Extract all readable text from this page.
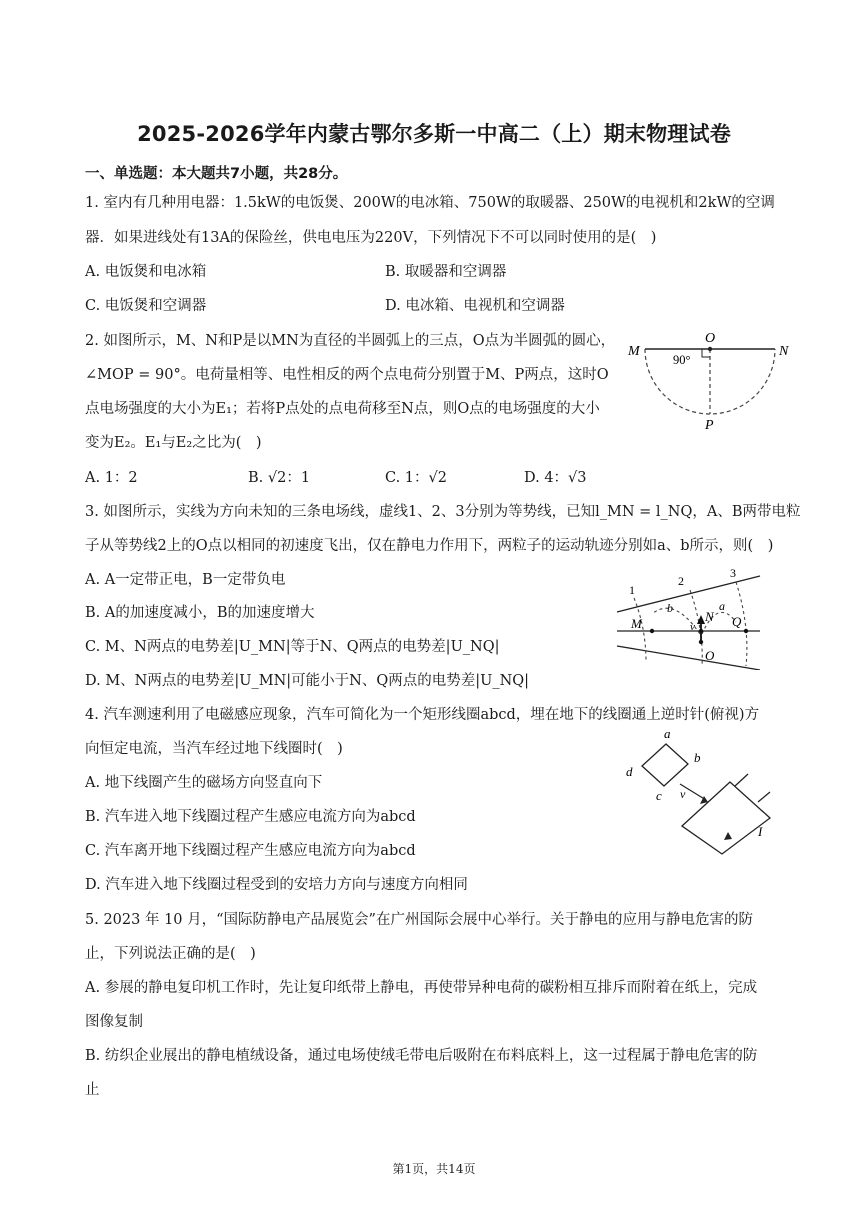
2025-2026学年内蒙古鄂尔多斯一中高二（上）期末物理试卷
一、单选题：本大题共7小题，共28分。
1. 室内有几种用电器：1.5kW的电饭煲、200W的电冰箱、750W的取暖器、250W的电视机和2kW的空调
器．如果进线处有13A的保险丝，供电电压为220V，下列情况下不可以同时使用的是(　)
A. 电饭煲和电冰箱	B. 取暖器和空调器
C. 电饭煲和空调器	D. 电冰箱、电视机和空调器
2. 如图所示，M、N和P是以MN为直径的半圆弧上的三点，O点为半圆弧的圆心，
∠MOP = 90°。电荷量相等、电性相反的两个点电荷分别置于M、P两点，这时O
点电场强度的大小为E₁；若将P点处的点电荷移至N点，则O点的电场强度的大小
变为E₂。E₁与E₂之比为(　)
A. 1：2	B. √2：1	C. 1：√2	D. 4：√3
M
O
N
P
90°
3. 如图所示，实线为方向未知的三条电场线，虚线1、2、3分别为等势线，已知l_MN = l_NQ，A、B两带电粒
子从等势线2上的O点以相同的初速度飞出，仅在静电力作用下，两粒子的运动轨迹分别如a、b所示，则(　)
A. A一定带正电，B一定带负电
B. A的加速度减小，B的加速度增大
C. M、N两点的电势差|U_MN|等于N、Q两点的电势差|U_NQ|
D. M、N两点的电势差|U_MN|可能小于N、Q两点的电势差|U_NQ|
1
2
3
b	a
M	N Q
O
v
4. 汽车测速利用了电磁感应现象，汽车可简化为一个矩形线圈abcd，埋在地下的线圈通上逆时针(俯视)方
向恒定电流，当汽车经过地下线圈时(　)
A. 地下线圈产生的磁场方向竖直向下
B. 汽车进入地下线圈过程产生感应电流方向为abcd
C. 汽车离开地下线圈过程产生感应电流方向为abcd
D. 汽车进入地下线圈过程受到的安培力方向与速度方向相同
a
b
c
d
v
I
5. 2023 年 10 月，“国际防静电产品展览会”在广州国际会展中心举行。关于静电的应用与静电危害的防
止，下列说法正确的是(　)
A. 参展的静电复印机工作时，先让复印纸带上静电，再使带异种电荷的碳粉相互排斥而附着在纸上，完成
图像复制
B. 纺织企业展出的静电植绒设备，通过电场使绒毛带电后吸附在布料底料上，这一过程属于静电危害的防
止
第1页，共14页
